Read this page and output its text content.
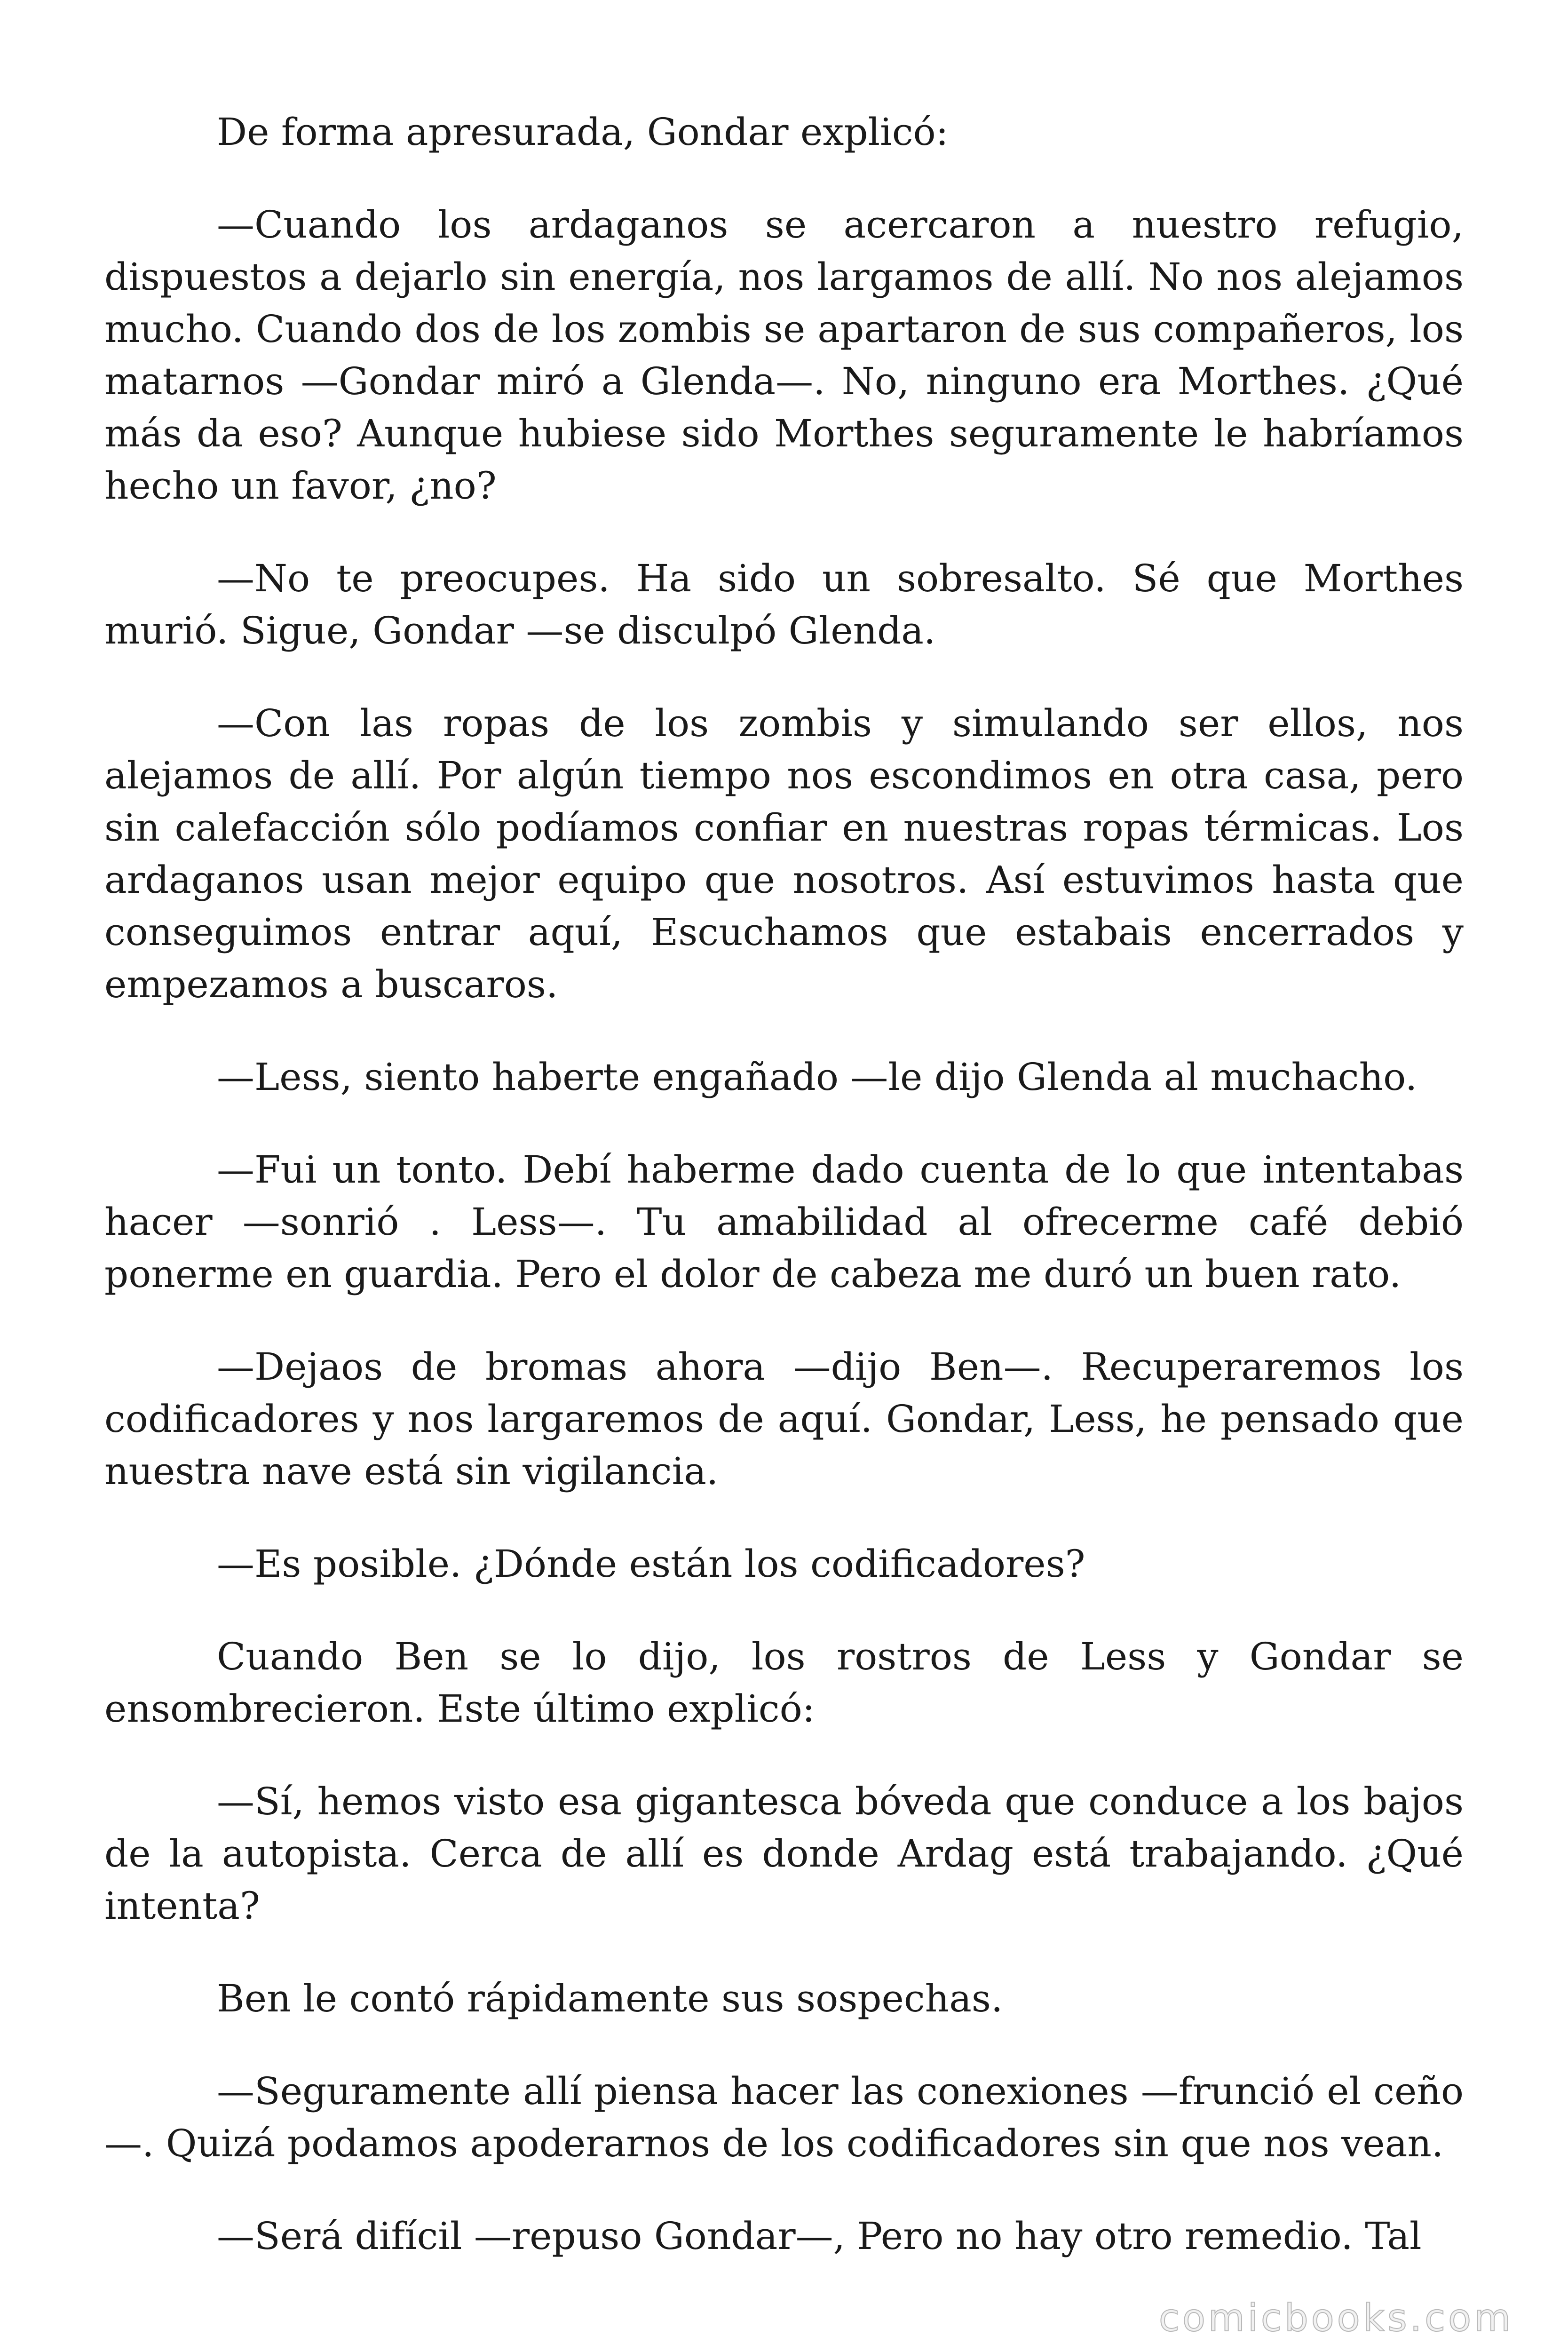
De forma apresurada, Gondar explicó:

—Cuando los ardaganos se acercaron a nuestro refugio, dispuestos a dejarlo sin energía, nos largamos de allí. No nos alejamos mucho. Cuando dos de los zombis se apartaron de sus compañeros, los matarnos —Gondar miró a Glenda—. No, ninguno era Morthes. ¿Qué más da eso? Aunque hubiese sido Morthes seguramente le habríamos hecho un favor, ¿no?

—No te preocupes. Ha sido un sobresalto. Sé que Morthes murió. Sigue, Gondar —se disculpó Glenda.

—Con las ropas de los zombis y simulando ser ellos, nos alejamos de allí. Por algún tiempo nos escondimos en otra casa, pero sin calefacción sólo podíamos confiar en nuestras ropas térmicas. Los ardaganos usan mejor equipo que nosotros. Así estuvimos hasta que conseguimos entrar aquí, Escuchamos que estabais encerrados y empezamos a buscaros.

—Less, siento haberte engañado —le dijo Glenda al muchacho.

—Fui un tonto. Debí haberme dado cuenta de lo que intentabas hacer —sonrió . Less—. Tu amabilidad al ofrecerme café debió ponerme en guardia. Pero el dolor de cabeza me duró un buen rato.

—Dejaos de bromas ahora —dijo Ben—. Recuperaremos los codificadores y nos largaremos de aquí. Gondar, Less, he pensado que nuestra nave está sin vigilancia.

—Es posible. ¿Dónde están los codificadores?

Cuando Ben se lo dijo, los rostros de Less y Gondar se ensombrecieron. Este último explicó:

—Sí, hemos visto esa gigantesca bóveda que conduce a los bajos de la autopista. Cerca de allí es donde Ardag está trabajando. ¿Qué intenta?

Ben le contó rápidamente sus sospechas.

—Seguramente allí piensa hacer las conexiones —frunció el ceño —. Quizá podamos apoderarnos de los codificadores sin que nos vean.

—Será difícil —repuso Gondar—, Pero no hay otro remedio. Tal

comicbooks.com
